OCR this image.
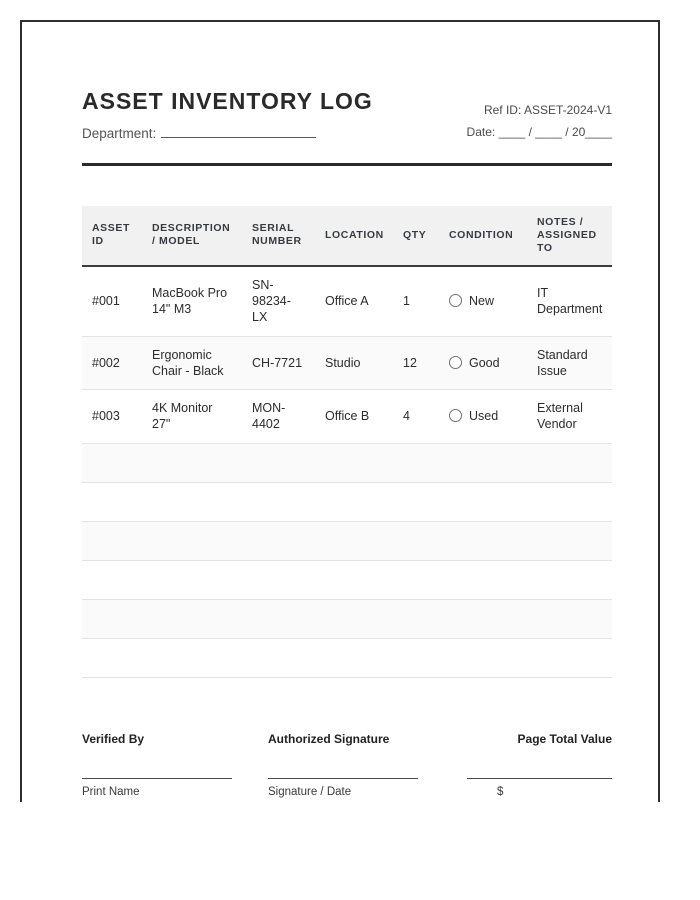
ASSET INVENTORY LOG
Department:
Ref ID: ASSET-2024-V1
Date: ____ / ____ / 20____
ASSET ID	DESCRIPTION / MODEL	SERIAL NUMBER	LOCATION	QTY	CONDITION	NOTES / ASSIGNED TO
#001	MacBook Pro 14" M3	SN-98234-LX	Office A	1	New	IT Department
#002	Ergonomic Chair - Black	CH-7721	Studio	12	Good	Standard Issue
#003	4K Monitor 27"	MON-4402	Office B	4	Used	External Vendor

Verified By
Print Name
Authorized Signature
Signature / Date
Page Total Value
$
